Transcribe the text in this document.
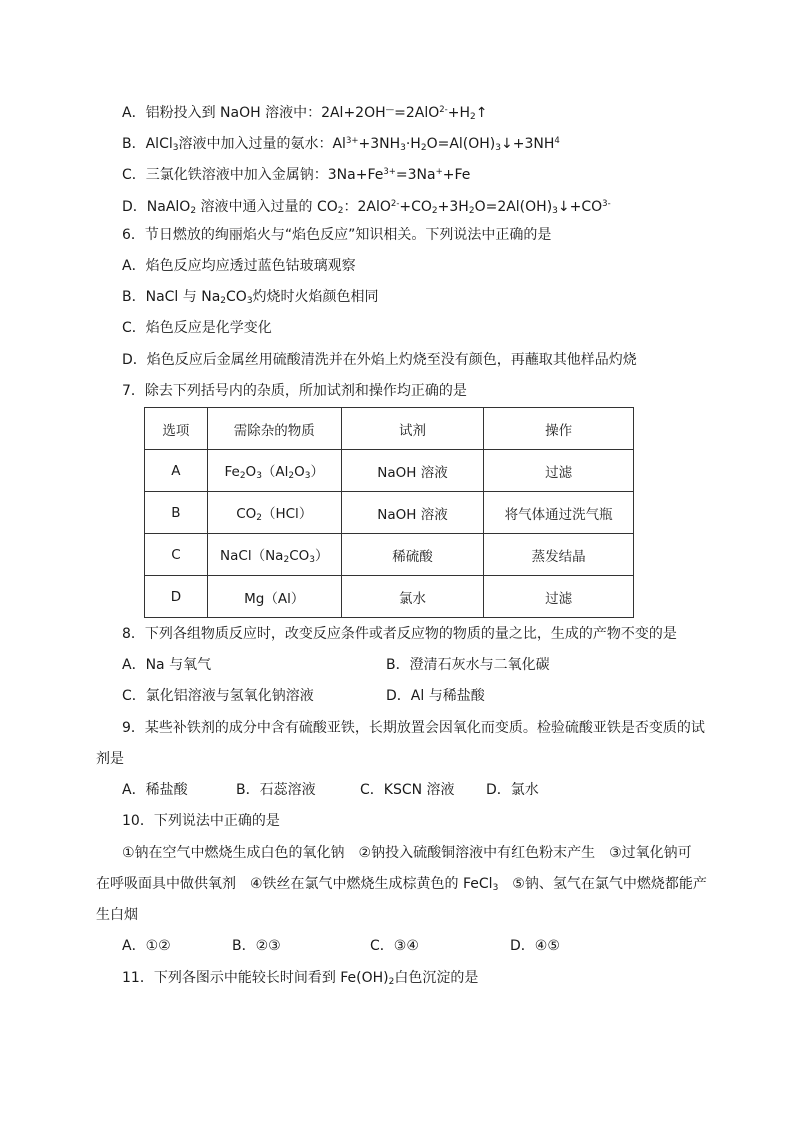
A．铝粉投入到 NaOH 溶液中：$2Al+2OH^—=2AlO^{2-}+H_2↑$
B．AlCl$_3$溶液中加入过量的氨水：$Al^{3+}+3NH_3\cdot H_2O=Al(OH)_3↓+3NH^4$
C．三氯化铁溶液中加入金属钠：$3Na+Fe^{3+}=3Na^++Fe$
D．NaAlO$_2$ 溶液中通入过量的 $CO_2$：$2AlO^{2-}+CO_2+3H_2O=2Al(OH)_3↓+CO^{3-}$
6．节日燃放的绚丽焰火与“焰色反应”知识相关。下列说法中正确的是
A．焰色反应均应透过蓝色钴玻璃观察
B．NaCl 与 $Na_2CO_3$灼烧时火焰颜色相同
C．焰色反应是化学变化
D．焰色反应后金属丝用硫酸清洗并在外焰上灼烧至没有颜色，再蘸取其他样品灼烧
7．除去下列括号内的杂质，所加试剂和操作均正确的是
选项	需除杂的物质	试剂	操作
A	$Fe_2O_3(Al_2O_3)$	NaOH 溶液	过滤
B	$CO_2(HCl)$	NaOH 溶液	将气体通过洗气瓶
C	$NaCl(Na_2CO_3)$	稀硫酸	蒸发结晶
D	Mg（Al）	氯水	过滤
8．下列各组物质反应时，改变反应条件或者反应物的物质的量之比，生成的产物不变的是
A．Na 与氧气	B．澄清石灰水与二氧化碳
C．氯化铝溶液与氢氧化钠溶液	D．Al 与稀盐酸
9．某些补铁剂的成分中含有硫酸亚铁，长期放置会因氧化而变质。检验硫酸亚铁是否变质的试
剂是
A．稀盐酸	B．石蕊溶液	C．KSCN 溶液 D．氯水
10．下列说法中正确的是
①钠在空气中燃烧生成白色的氧化钠　②钠投入硫酸铜溶液中有红色粉末产生　③过氧化钠可
在呼吸面具中做供氧剂　④铁丝在氯气中燃烧生成棕黄色的 FeCl$_3$　⑤钠、氢气在氯气中燃烧都能产
生白烟
A．①②	B．②③	C．③④	D．④⑤
11．下列各图示中能较长时间看到 $Fe(OH)_2$白色沉淀的是
